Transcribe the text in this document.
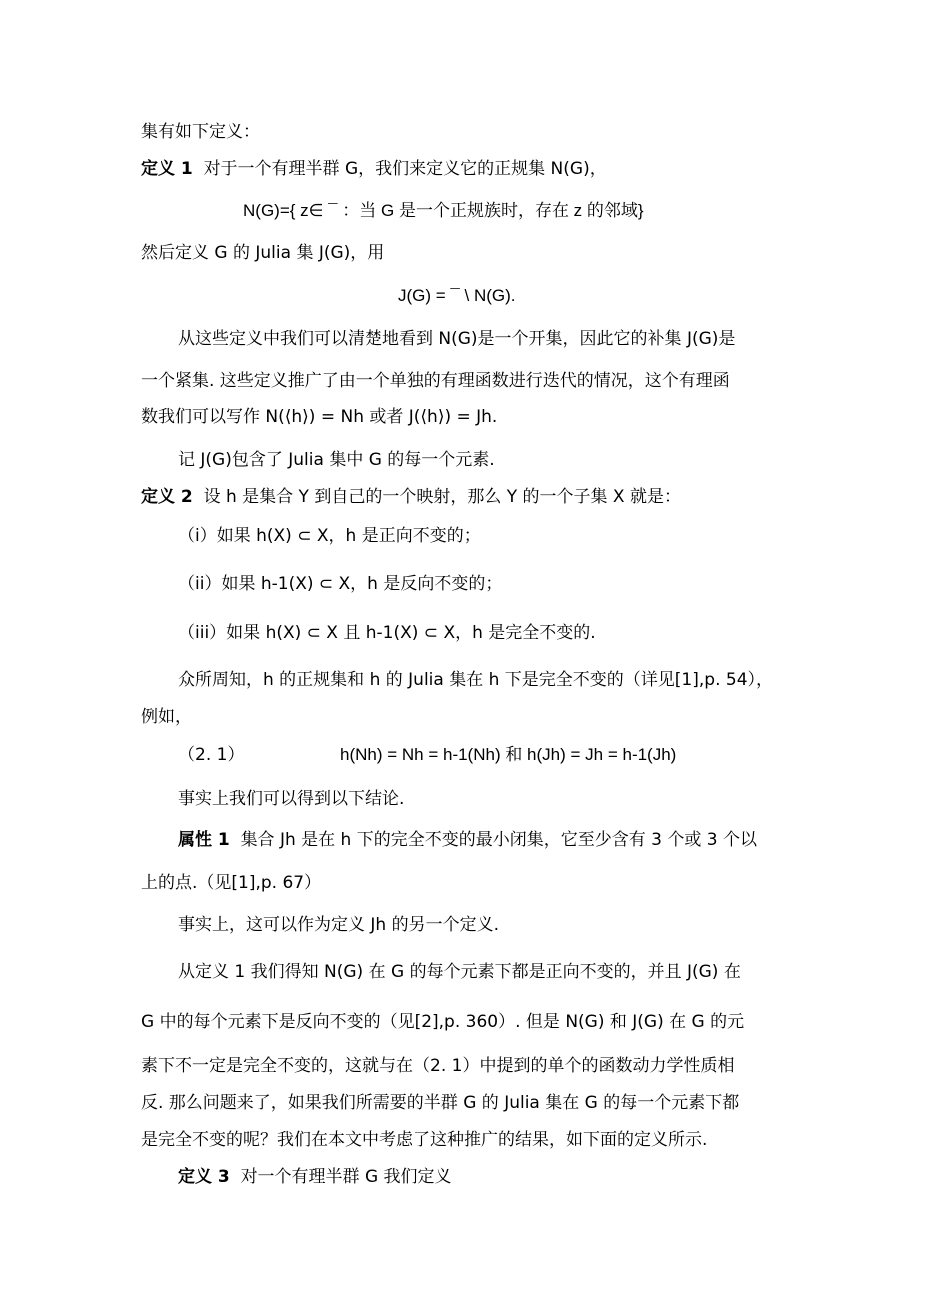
集有如下定义：
定义 1 对于一个有理半群 G，我们来定义它的正规集 N(G)，
N(G)={ z∈ ¯ ：当 G 是一个正规族时，存在 z 的邻域}
然后定义 G 的 Julia 集 J(G)，用
J(G) = ¯ \ N(G).
从这些定义中我们可以清楚地看到 N(G)是一个开集，因此它的补集 J(G)是
一个紧集. 这些定义推广了由一个单独的有理函数进行迭代的情况，这个有理函
数我们可以写作 N(⟨h⟩) = Nh 或者 J(⟨h⟩) = Jh.
记 J(G)包含了 Julia 集中 G 的每一个元素.
定义 2 设 h 是集合 Y 到自己的一个映射，那么 Y 的一个子集 X 就是：
（i）如果 h(X) ⊂ X，h 是正向不变的；
（ii）如果 h-1(X) ⊂ X，h 是反向不变的；
（iii）如果 h(X) ⊂ X 且 h-1(X) ⊂ X，h 是完全不变的.
众所周知，h 的正规集和 h 的 Julia 集在 h 下是完全不变的（详见[1],p. 54），
例如，
（2. 1）	h(Nh) = Nh = h-1(Nh) 和 h(Jh) = Jh = h-1(Jh)
事实上我们可以得到以下结论.
属性 1 集合 Jh 是在 h 下的完全不变的最小闭集，它至少含有 3 个或 3 个以
上的点.（见[1],p. 67）
事实上，这可以作为定义 Jh 的另一个定义.
从定义 1 我们得知 N(G) 在 G 的每个元素下都是正向不变的，并且 J(G) 在
G 中的每个元素下是反向不变的（见[2],p. 360）. 但是 N(G) 和 J(G) 在 G 的元
素下不一定是完全不变的，这就与在（2. 1）中提到的单个的函数动力学性质相
反. 那么问题来了，如果我们所需要的半群 G 的 Julia 集在 G 的每一个元素下都
是完全不变的呢？我们在本文中考虑了这种推广的结果，如下面的定义所示.
定义 3 对一个有理半群 G 我们定义
